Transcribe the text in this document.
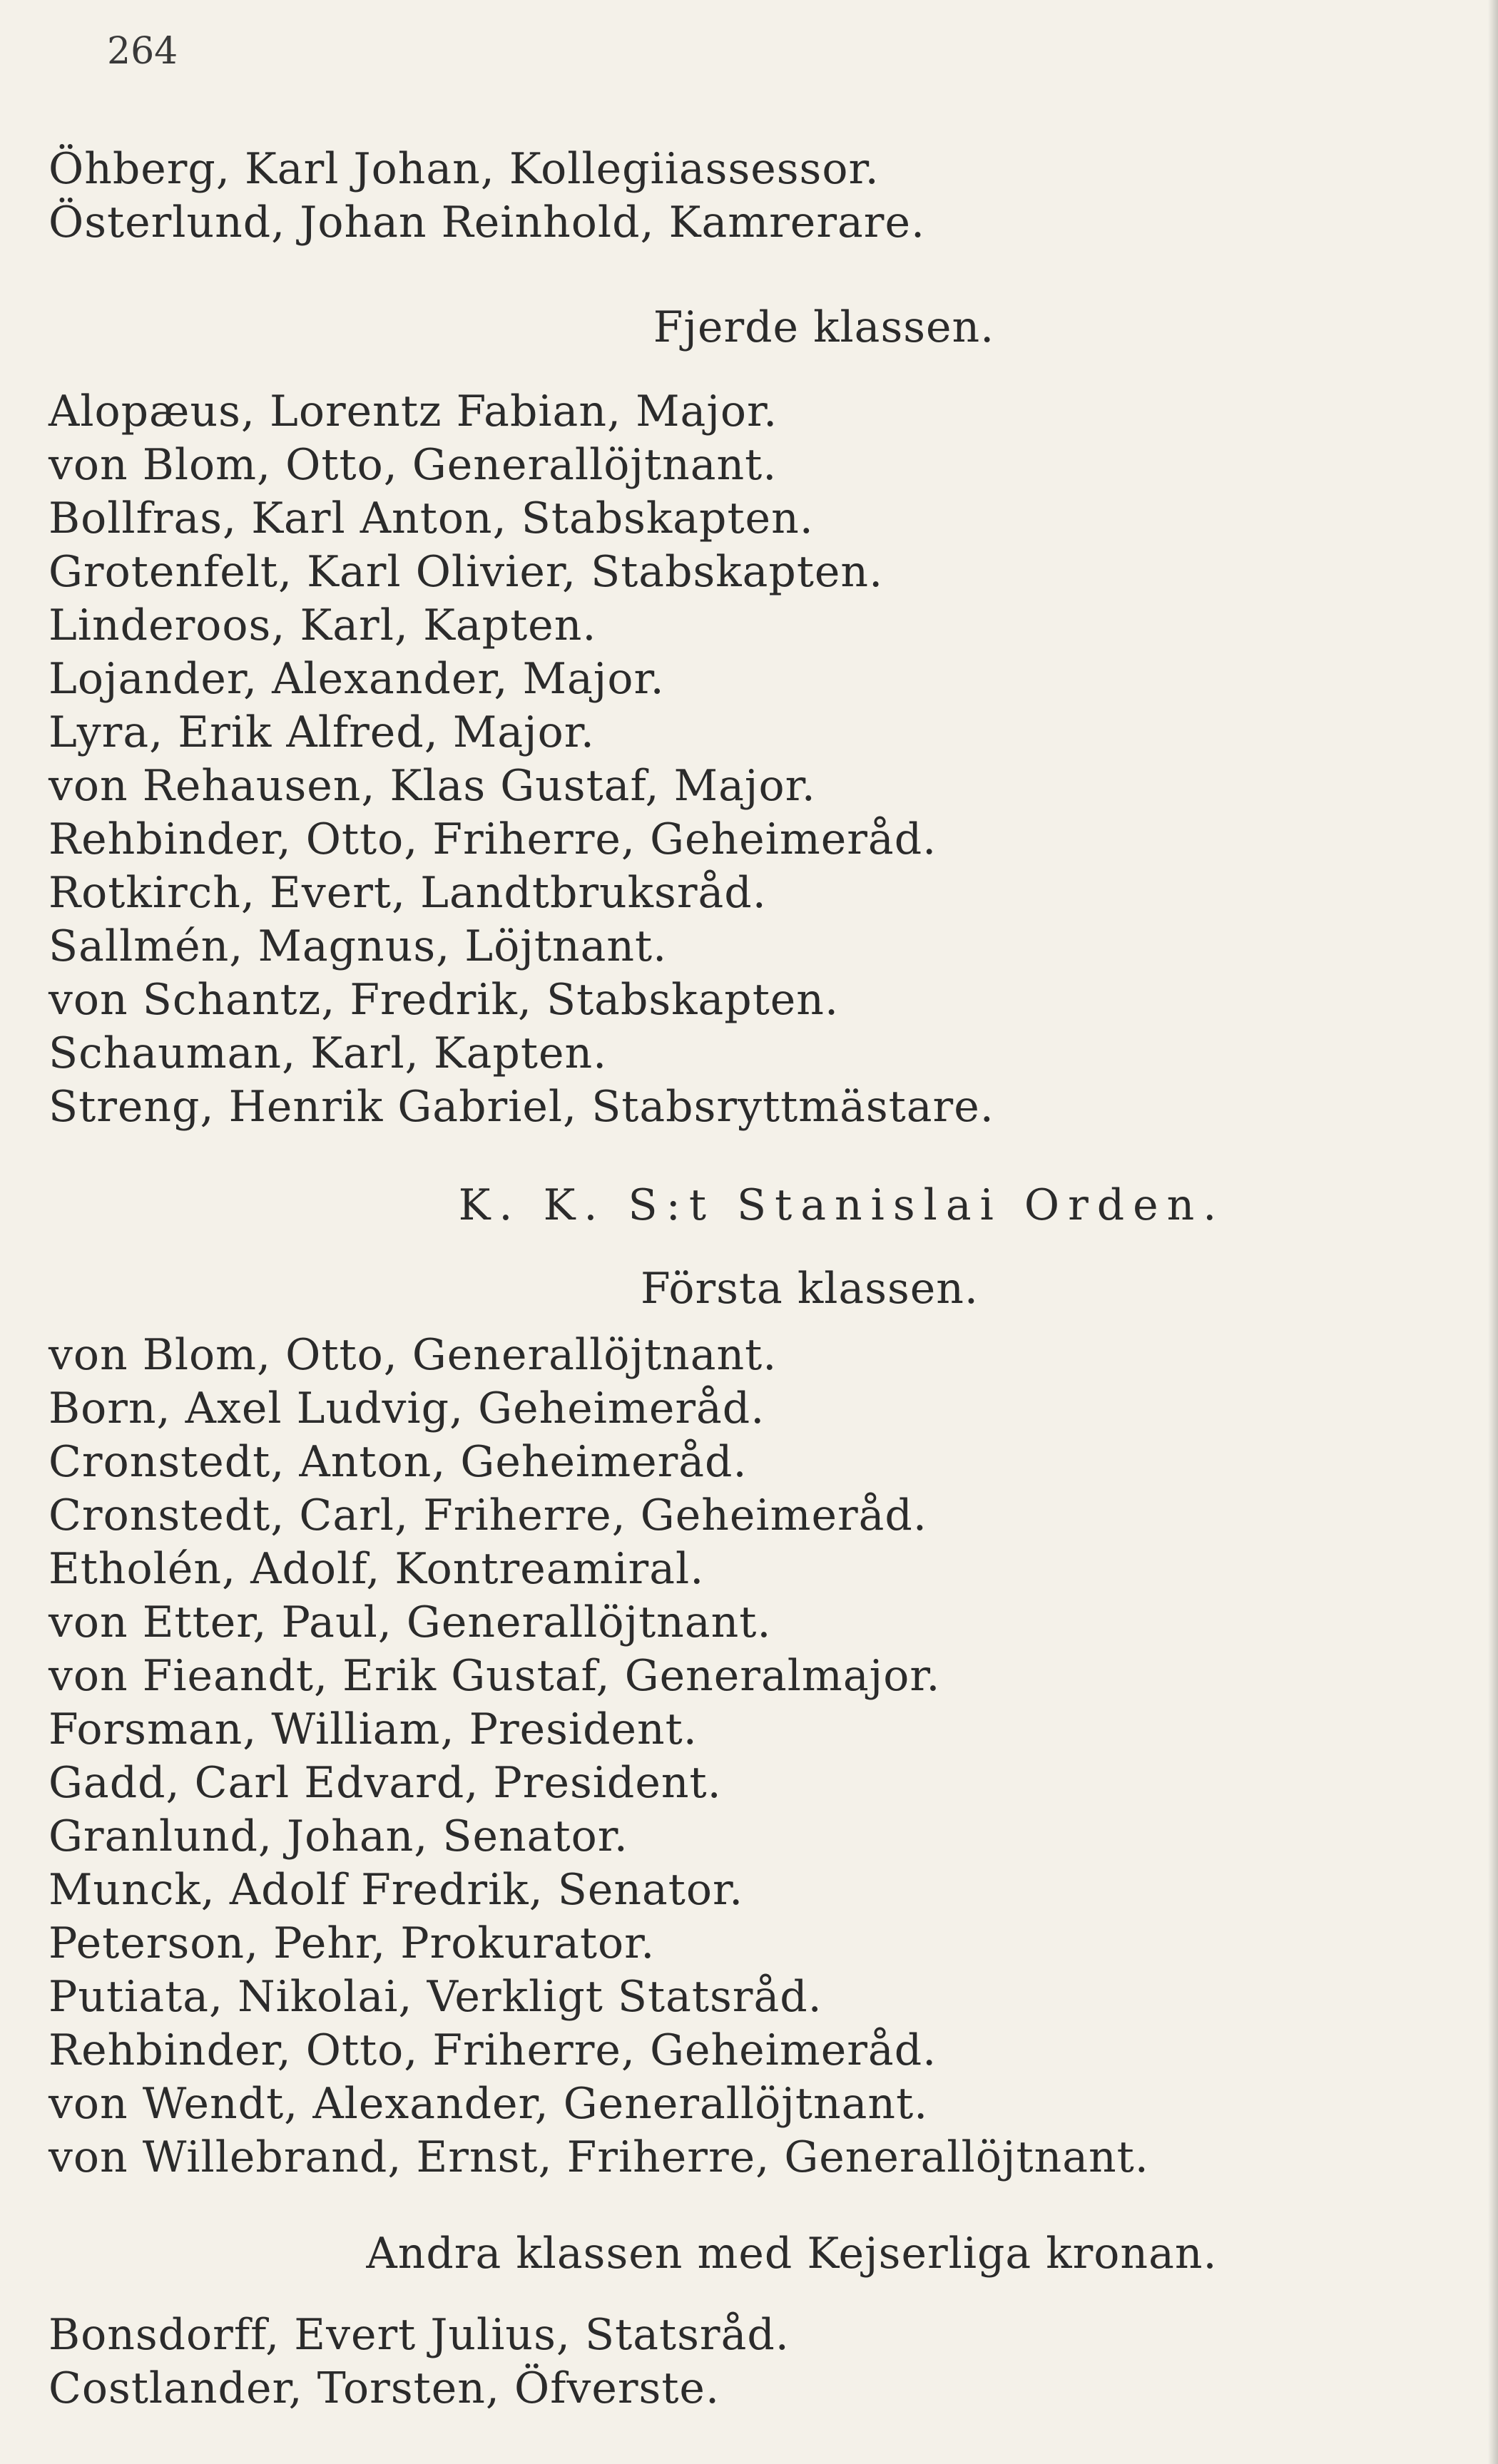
264
Öhberg, Karl Johan, Kollegiiassessor.
Österlund, Johan Reinhold, Kamrerare.
Fjerde klassen.
Alopæus, Lorentz Fabian, Major.
von Blom, Otto, Generallöjtnant.
Bollfras, Karl Anton, Stabskapten.
Grotenfelt, Karl Olivier, Stabskapten.
Linderoos, Karl, Kapten.
Lojander, Alexander, Major.
Lyra, Erik Alfred, Major.
von Rehausen, Klas Gustaf, Major.
Rehbinder, Otto, Friherre, Geheimeråd.
Rotkirch, Evert, Landtbruksråd.
Sallmén, Magnus, Löjtnant.
von Schantz, Fredrik, Stabskapten.
Schauman, Karl, Kapten.
Streng, Henrik Gabriel, Stabsryttmästare.
K. K. S:t Stanislai Orden.
Första klassen.
von Blom, Otto, Generallöjtnant.
Born, Axel Ludvig, Geheimeråd.
Cronstedt, Anton, Geheimeråd.
Cronstedt, Carl, Friherre, Geheimeråd.
Etholén, Adolf, Kontreamiral.
von Etter, Paul, Generallöjtnant.
von Fieandt, Erik Gustaf, Generalmajor.
Forsman, William, President.
Gadd, Carl Edvard, President.
Granlund, Johan, Senator.
Munck, Adolf Fredrik, Senator.
Peterson, Pehr, Prokurator.
Putiata, Nikolai, Verkligt Statsråd.
Rehbinder, Otto, Friherre, Geheimeråd.
von Wendt, Alexander, Generallöjtnant.
von Willebrand, Ernst, Friherre, Generallöjtnant.
Andra klassen med Kejserliga kronan.
Bonsdorff, Evert Julius, Statsråd.
Costlander, Torsten, Öfverste.
